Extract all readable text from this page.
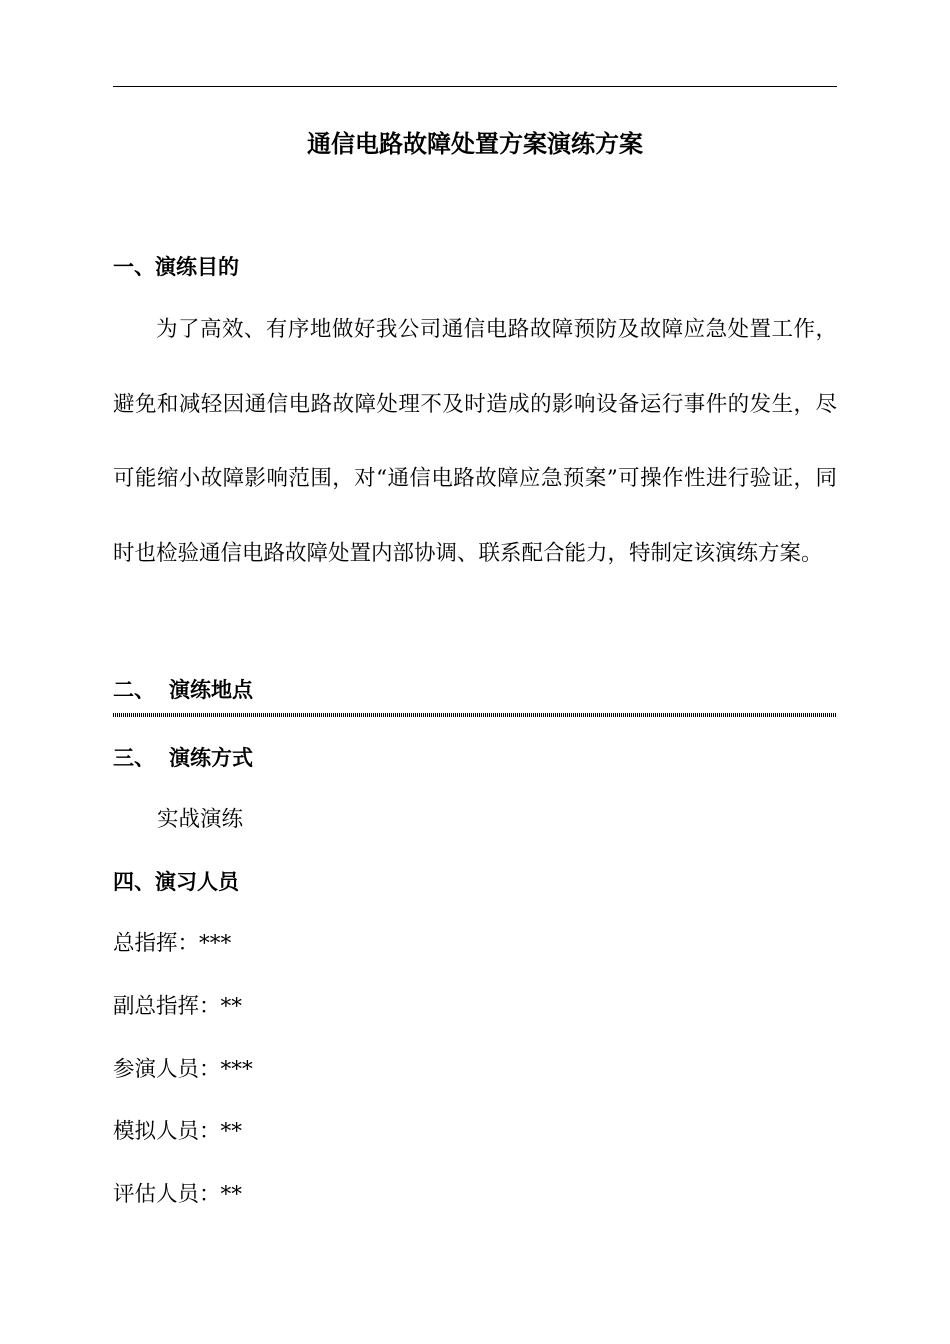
通信电路故障处置方案演练方案
一、演练目的
为了高效、有序地做好我公司通信电路故障预防及故障应急处置工作，避免和减轻因通信电路故障处理不及时造成的影响设备运行事件的发生，尽可能缩小故障影响范围，对“通信电路故障应急预案”可操作性进行验证，同时也检验通信电路故障处置内部协调、联系配合能力，特制定该演练方案。
二、 演练地点
三、 演练方式
实战演练
四、演习人员
总指挥：***
副总指挥：**
参演人员：***
模拟人员：**
评估人员：**
